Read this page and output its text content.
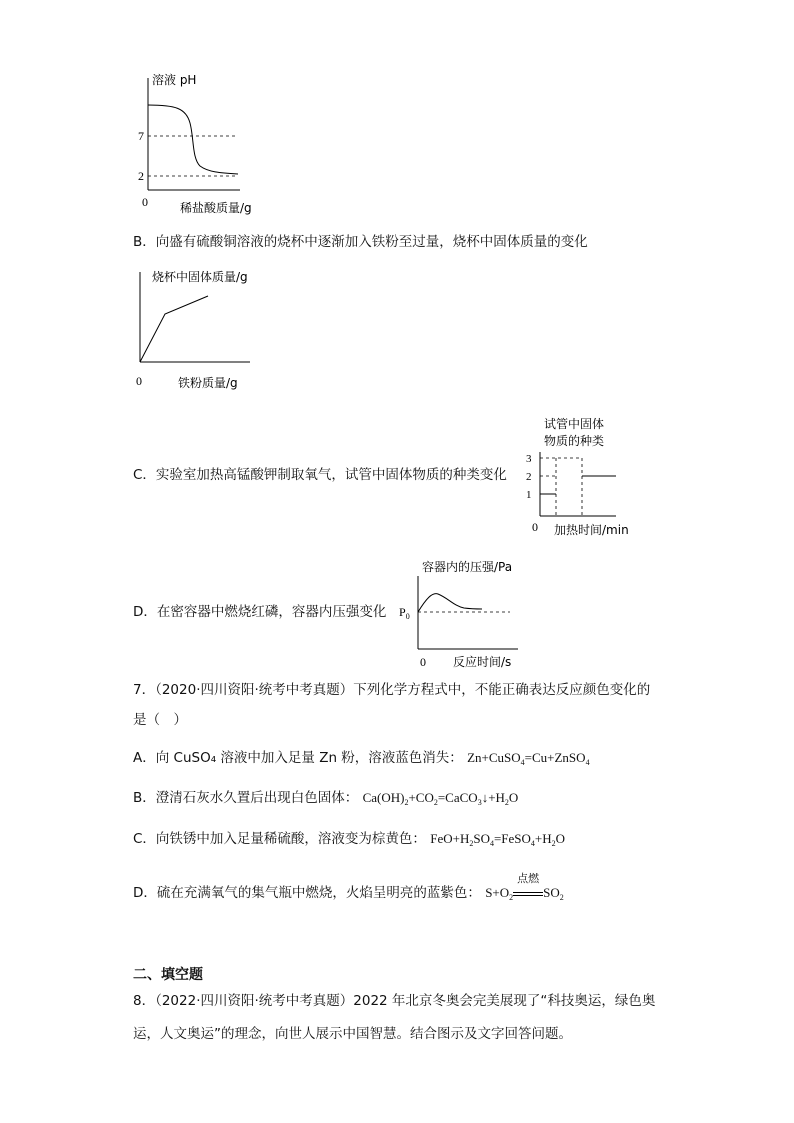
溶液 pH
7
2
0	稀盐酸质量/g
B．向盛有硫酸铜溶液的烧杯中逐渐加入铁粉至过量，烧杯中固体质量的变化
烧杯中固体质量/g
0	铁粉质量/g
C．实验室加热高锰酸钾制取氧气，试管中固体物质的种类变化
试管中固体
物质的种类
3
2
1
0 加热时间/min
D．在密容器中燃烧红磷，容器内压强变化
容器内的压强/Pa
$P_0$
0 反应时间/s
7．（2020·四川资阳·统考中考真题）下列化学方程式中，不能正确表达反应颜色变化的
是（　）
A．向 CuSO₄ 溶液中加入足量 Zn 粉，溶液蓝色消失： Zn+CuSO$_4$=Cu+ZnSO$_4$
B．澄清石灰水久置后出现白色固体： $Ca(OH)_2+CO_2=CaCO_3↓+H_2O$
C．向铁锈中加入足量稀硫酸，溶液变为棕黄色： $FeO+H_2SO_4=FeSO_4+H_2O$
D．硫在充满氧气的集气瓶中燃烧，火焰呈明亮的蓝紫色： $S+O_2$
点燃
$SO_2$
二、填空题
8．（2022·四川资阳·统考中考真题）2022 年北京冬奥会完美展现了“科技奥运，绿色奥
运，人文奥运”的理念，向世人展示中国智慧。结合图示及文字回答问题。
